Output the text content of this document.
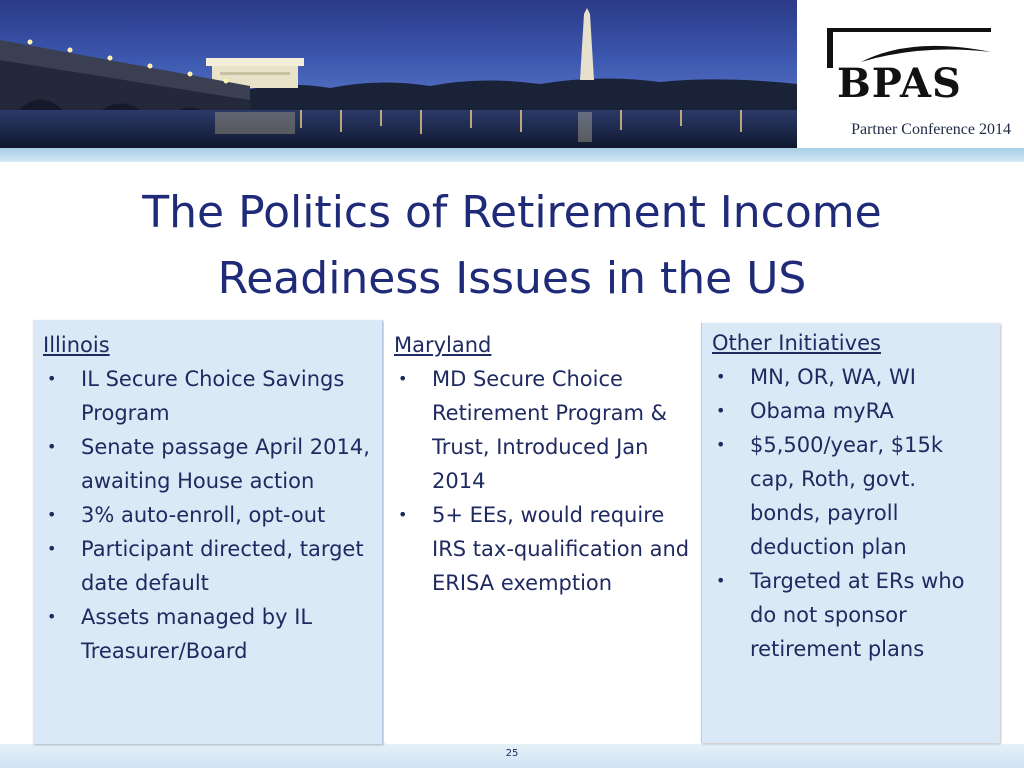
BPAS
Partner Conference 2014
The Politics of Retirement Income
Readiness Issues in the US

Illinois

• IL Secure Choice Savings Program
• Senate passage April 2014, awaiting House action
• 3% auto-enroll, opt-out
• Participant directed, target date default
• Assets managed by IL Treasurer/Board

Maryland

• MD Secure Choice Retirement Program & Trust, Introduced Jan 2014
• 5+ EEs, would require IRS tax-qualification and ERISA exemption

Other Initiatives

• MN, OR, WA, WI
• Obama myRA
• $5,500/year, $15k cap, Roth, govt. bonds, payroll deduction plan
• Targeted at ERs who do not sponsor retirement plans
25
